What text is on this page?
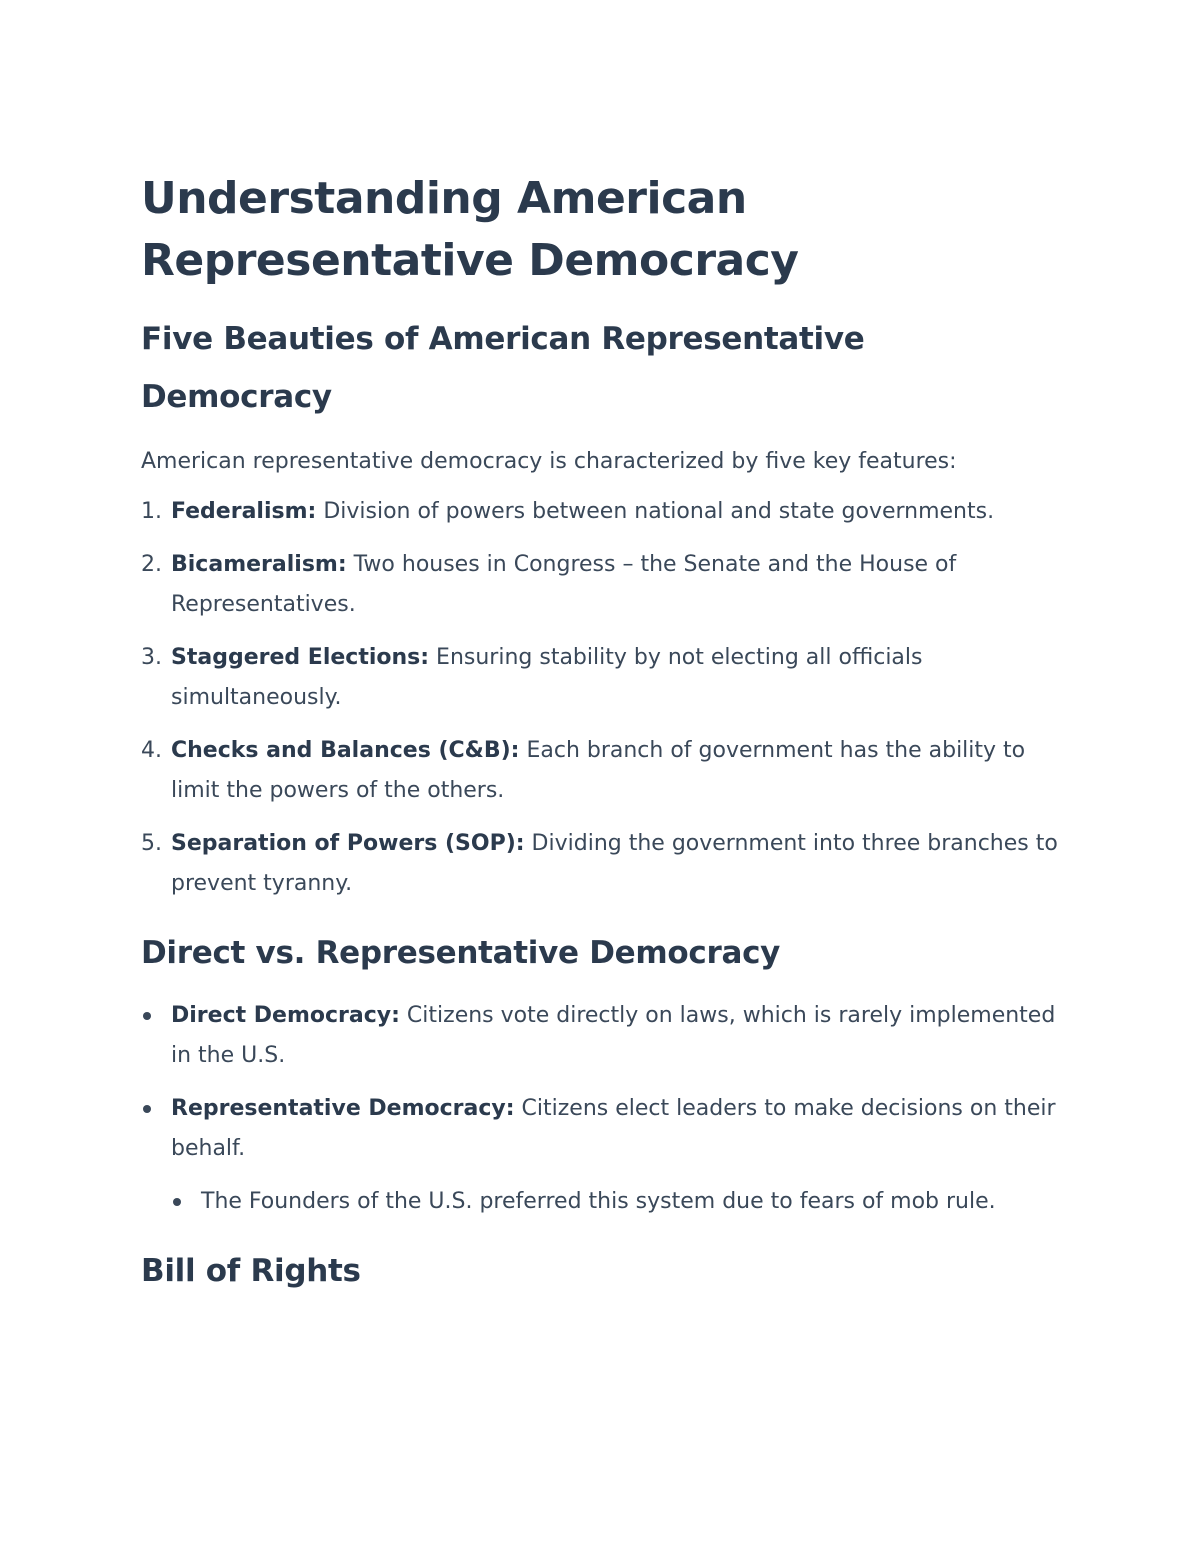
Understanding American Representative Democracy
Five Beauties of American Representative Democracy

American representative democracy is characterized by five key features:

1. Federalism: Division of powers between national and state governments.
2. Bicameralism: Two houses in Congress – the Senate and the House of Representatives.
3. Staggered Elections: Ensuring stability by not electing all officials simultaneously.
4. Checks and Balances (C&B): Each branch of government has the ability to limit the powers of the others.
5. Separation of Powers (SOP): Dividing the government into three branches to prevent tyranny.
Direct vs. Representative Democracy
Direct Democracy: Citizens vote directly on laws, which is rarely implemented in the U.S.
Representative Democracy: Citizens elect leaders to make decisions on their behalf.
The Founders of the U.S. preferred this system due to fears of mob rule.
Bill of Rights
